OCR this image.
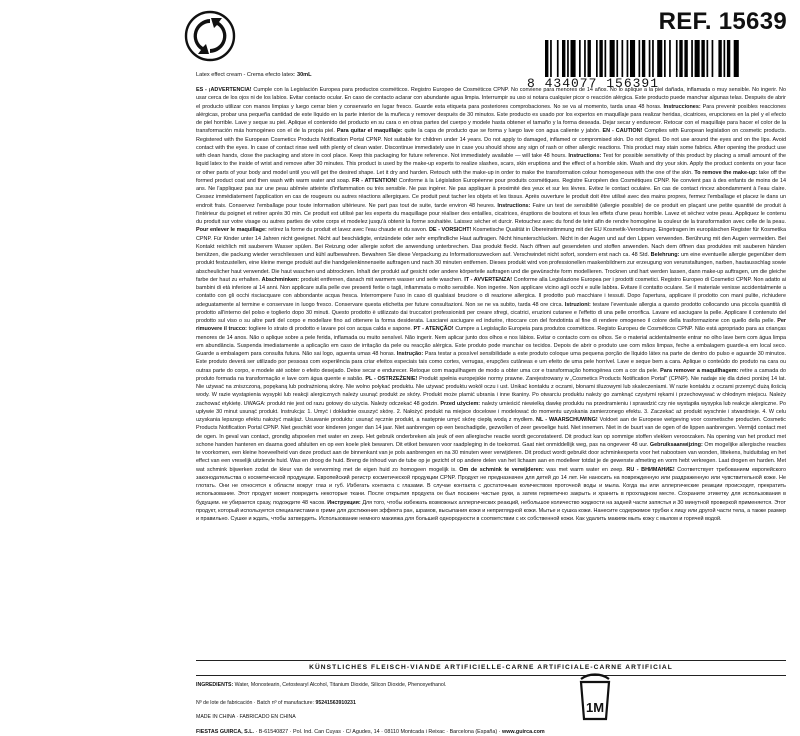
REF. 15639
8 434077 156391
Latex effect cream - Crema efecto latex: 30mL
ES - ¡ADVERTENCIA! Cumple con la Legislación Europea para productos cosméticos. Registro Europeo de Cosméticos CPNP. No conviene para menores de 14 años. No lo aplique a la piel dañada, inflamada o muy sensible. No ingerir. No usar cerca de los ojos ni de los labios. Evitar contacto ocular. En caso de contacto aclarar con abundante agua limpia. Interrumpir su uso si notara cualquier picor o reacción alérgica. Este producto puede manchar algunas telas. Después de abrir el producto utilizar con manos limpias y luego cerrar bien y conservarlo en lugar fresco. Guarde esta etiqueta para posteriores comprobaciones. No se va al momento, tarda unas 48 horas. Instrucciones: Para prevenir posibles reacciones alérgicas, probar una pequeña cantidad de este líquido en la parte interior de la muñeca y remover después de 30 minutos. Este producto es usado por los expertos en maquillaje para realizar heridas, cicatrices, erupciones en la piel y el efecto de piel horrible. Lave y seque su piel. Aplique el contenido del producto en su cara o en otras partes del cuerpo y modele hasta obtener el tamaño y la forma deseada. Dejar secar y endurecer. Retocar con el maquillaje para hacer el color de la transformación más homogéneo con el de la propia piel. Para quitar el maquillaje: quite la capa de producto que se forma y luego lave con agua caliente y jabón. EN - CAUTION! Complies with European legislation on cosmetic products. Registered with the European Cosmetics Products Notification Portal CPNP. Not suitable for children under 14 years. Do not apply to damaged, inflamed or compromised skin. Do not digest. Do not use around the eyes and on the lips. Avoid contact with the eyes. In case of contact rinse well with plenty of clean water. Discontinue immediately use in case you should show any sign of rash or other allergic reactions. This product may stain some fabrics. After opening the product use with clean hands, close the packaging and store in cool place. Keep this packaging for future reference. Not immediately available — will take 48 hours. Instructions: Test for possible sensitivity of this product by placing a small amount of the liquid latex to the inside of wrist and remove after 30 minutes. This product is used by the make-up experts to realize slashes, scars, skin eruptions and the effect of a horrible skin. Wash and dry your skin. Apply the product contents on your face or other parts of your body and model until you will get the desired shape. Let it dry and harden. Retouch with the make-up in order to make the transformation colour homogeneous with the one of the skin. To remove the make-up: take off the formed product coat and then wash with warm water and soap. FR - ATTENTION! Conforme à la Législation Européenne pour produits cosmétiques. Registre Européen des Cosmétiques CPNP. Ne convient pas à des enfants de moins de 14 ans. Ne l'appliquez pas sur une peau abîmée atteinte d'inflammation ou très sensible. Ne pas ingérer. Ne pas appliquer à proximité des yeux et sur les lèvres. Evitez le contact oculaire. En cas de contact rincez abondamment à l'eau claire. Cessez immédiatement l'application en cas de rougeurs ou autres réactions allergiques. Ce produit peut tacher les objets et les tissus. Après ouverture le produit doit être utilisé avec des mains propres, fermez l'emballage et placez le dans un endroit frais. Conservez l'emballage pour toute information ultérieure. Ne part pas tout de suite, tarde environ 48 heures. Instructions: Faire un test de sensibilité (allergie possible) de ce produit en plaçant une petite quantité de produit à l'intérieur du poignet et retirer après 30 min. Ce produit est utilisé par les experts du maquillage pour réaliser des entailles, cicatrices, éruptions de boutons et tous les effets d'une peau horrible. Lavez et séchez votre peau. Appliquez le contenu du produit sur votre visage ou autres parties de votre corps et modelez jusqu'à obtenir la forme souhaitée. Laissez sécher et durcir. Retouchez avec du fond de teint afin de rendre homogène la couleur de la transformation avec celle de la peau. Pour enlever le maquillage: retirez la forme du produit et lavez avec l'eau chaude et du savon. DE - VORSICHT! Kosmetische Qualität in Übereinstimmung mit der EU Kosmetik-Verordnung. Eingetragen im europäischen Register für Kosmetika CPNP. Für Kinder unter 14 Jahren nicht geeignet. Nicht auf beschädigte, entzündete oder sehr empfindliche Haut auftragen. Nicht hinunterschlucken. Nicht in der Augen und auf den Lippen verwenden. Berührung mit den Augen vermeiden. Bei Kontakt reichlich mit sauberem Wasser spülen. Bei Reizung oder allergie sofort die anwendung unterbrechen. Das produkt fleckt. Nach öffnen auf gesendeten und stoffen anwenden. Nach dem öffnen das produktes mit sauberen händen benützen, die packung wieder verschliessen und kühl aufbewahren. Bewahren Sie diese Verpackung zu Informationszwecken auf. Verschwindet nicht sofort, sondern erst nach ca. 48 Std. Belehrung: um eine eventuelle allergie gegenüber dem produkt festzustellen, eine kleine menge produkt auf die handgelenkinnenseite auftragen und nach 30 minuten entfernen. Dieses produkt wird von professionellen maskenbildnern zur erzeugung von verunstaltungen, narben, hautausschlag sowie abscheulicher haut verwendet. Die haut waschen und abtrocknen. Inhalt der produkt auf gesicht oder andere körperteile auftragen und die gewünschte form modellieren. Trocknen und hart werden lassen, dann make-up auftragen, um die gleiche farbe der haut zu erhalten. Abschminken: produkt entfernen, danach mit warmem wasser und seife waschen. IT - AVVERTENZA! Conforme alla Legislazione Europea per i prodotti cosmetici. Registro Europeo di Cosmetici CPNP. Non adatto ai bambini di età inferiore ai 14 anni. Non applicare sulla pelle ove presenti ferite o tagli, infiammata o molto sensibile. Non ingerire. Non applicare vicino agli occhi e sulle labbra. Evitare il contatto oculare. Se il materiale venisse accidentalmente a contatto con gli occhi risciacquare con abbondante acqua fresca. Interrompere l'uso in caso di qualsiasi bruciore o di reazione allergica. Il prodotto può macchiare i tessuti. Dopo l'apertura, applicare il prodotto con mani pulite, richiudere adeguatamente al termine e conservare in luogo fresco. Conservare questa etichetta per future consultazioni. Non se ne va subito, tarda 48 ore circa. Istruzioni: testare l'eventuale allergia a questo prodotto collocando una piccola quantità di prodotto all'interno del polso e toglierlo dopo 30 minuti. Questo prodotto è utilizzato dai truccatori professionisti per creare sfregi, cicatrici, eruzioni cutanee e l'effetto di una pelle orrorifica. Lavare ed asciugare la pelle. Applicare il contenuto del prodotto sul viso o su altre parti del corpo e modellare fino ad ottenere la forma desiderata. Lasciarei asciugare ed indurire, ritoccare con del fondotinta al fine di rendere omogeneo il colore della trasformazione con quello della pelle. Per rimuovere il trucco: togliere lo strato di prodotto e lavare poi con acqua calda e sapone. PT - ATENÇÃO! Cumpre a Legislação Europeia para produtos cosméticos. Registo Europeu de Cosméticos CPNP. Não está apropriado para as crianças menores de 14 anos. Não o aplique sobre a pele ferida, inflamada ou muito sensível. Não ingerir. Nem aplicar junto dos olhos e nos lábios. Evitar o contacto com os olhos. Se o material acidentalmente entrar no olho lave bem com água limpa em abundância. Suspenda imediatamente a aplicação em caso de irritação da pele ou reacção alérgica. Este produto pode manchar os tecidos. Depois de abrir o produto use com mãos limpas, feche a embalagem guarde-a em local seco. Guarde a embalagem para consulta futura. Não sai logo, aguenta umas 48 horas. Instrução: Para testar a possível sensibilidade a este produto coloque uma pequena porção de líquido látex na parte de dentro do pulso e aguarde 30 minutos. Este produto deverá ser utilizado por pessoas com experiência para criar efeitos especiais tais como cortes, verrugas, erupções cutâneas e um efeito de uma pele horrível. Lave e seque bem a cara. Aplique o conteúdo do produto na cara ou outras parte do corpo, e modele até sobter o efeito desejado. Deixe secar e endurecer. Retoque com maquilhagem de modo a obter uma cor e transformação homogénea com a cor da pele. Para remover a maquilhagem: retire a camada do produto formada na transformação e lave com água quente e sabão. PL - OSTRZEŻENIE! Produkt spełnia europejskie normy prawne. Zarejestrowany w „Cosmetics Products Notification Portal" (CPNP). Nie nadaje się dla dzieci poniżej 14 lat. Nie używać na zniszczoną, popękaną lub podrażnioną skórę. Nie wolno połykać produktu. Nie używać produktu wokół oczu i ust. Unikać kontaktu z oczami, błonami śluzowymi lub skaleczeniami. W razie kontaktu z oczami przemyć dużą ilością wody. W razie wystąpienia wysypki lub reakcji alergicznych należy usunąć produkt ze skóry. Produkt może plamić ubrania i inne tkaniny. Po otwarciu produktu należy go zamknąć czystymi rękami i przechowywać w chłodnym miejscu. Należy zachować etykietę. UWAGA: produkt nie jest od razu gotowy do użycia. Należy odczekać 48 godzin. Przed użyciem: należy umieścić niewielką dawkę produktu na przedramieniu i sprawdzić czy nie wystąpiła wysypka lub reakcje alergiczne. Po upływie 30 minut usunąć produkt. Instrukcja: 1. Umyć i dokładnie osuszyć skórę. 2. Nałożyć produkt na miejsce docelowe i modelować do momentu uzyskania zamierzonego efektu. 3. Zaczekać aż produkt wyschnie i stwardnieje. 4. W celu uzyskania lepszego efektu nałożyć makijaż. Usuwanie produktu: usunąć ręcznie produkt, a następnie umyć skórę ciepłą wodą z mydłem. NL - WAARSCHUWING! Voldoet aan de Europese wetgeving voor cosmetische producten. Cosmetic Products Notification Portal CPNP. Niet geschikt voor kinderen jonger dan 14 jaar. Niet aanbrengen op een beschadigde, gezwollen of zeer gevoelige huid. Niet innemen. Niet in de buurt van de ogen of de lippen aanbrengen. Vermijd contact met de ogen. In geval van contact, grondig afspoelen met water en zeep. Het gebruik onderbreken als jeuk of een allergische reactie wordt geconstateerd. Dit product kan op sommige stoffen vlekken veroorzaken. Na opening van het product met schone handen hanteren en daarna goed afsluiten en op een koele plek bewaren. Dit etiket bewaren voor raadpleging in de toekomst. Gaat niet onmiddellijk weg, pas na ongeveer 48 uur. Gebruiksaanwijzing: Om mogelijke allergische reacties te voorkomen, een kleine hoeveelheid van deze product aan de binnenkant van je pols aanbrengen en na 30 minuten weer verwijderen. Dit product wordt gebruikt door schminkexperts voor het nabootsen van wonden, littekens, huiduitslag en het effect van een vreselijk uitziende huid. Was en droog de huid. Breng de inhoud van de tube op je gezicht of op andere delen van het lichaam aan en modelleer totdat je de gewenste afmeting en vorm hebt verkregen. Laat drogen en harden. Met wat schmink bijwerken zodat de kleur van de vervorming met de eigen huid zo homogeen mogelijk is. Om de schmink te verwijderen: was met warm water en zeep. RU - ВНИМАНИЕ! Соответствует требованиям европейского законодательства о косметической продукции. Европейский регистр косметической продукции CPNP. Продукт не предназначен для детей до 14 лет. Не наносить на поврежденную или раздраженную или чувствительной коже. Не глотать. Они не относятся к области вокруг глаз и губ. Избегать контакта с глазами. В случае контакта с достаточным количеством проточной воды и мыла. Когда вы или аллергические реакции происходят, прекратить использование. Этот продукт может повредить некоторые ткани. После открытия продукта он был посажен чистые руки, а затем герметично закрыть и хранить в прохладном месте. Сохраните этикетку для использования в будущем. не убирается сразу, подождите 48 часов. Инструкция: Для того, чтобы избежать возможных аллергических реакций, небольшое количество жидкости на задней части запястья и 30 минутной проверкой применяется. Этот продукт, который используется специалистами в гриме для достижения эффекта ран, шрамов, высыпания кожи и неприглядной кожи. Мытье и сушка кожи. Нанесите содержимое трубки к лицу или другой части тела, а также размер и правильно. Сушке и ждать, чтобы затвердеть. Использование немного макияжа для большей однородности в соответствии с их собственной кожи. Как удалить макияж мыть кожу с мылом и горячей водой.
KÜNSTLICHES FLEISCH-VIANDE ARTIFICIELLE-CARNE ARTIFICIALE-CARNE ARTIFICIAL
INGREDIENTS: Water, Monostearin, Cetostearyl Alcohol, Titanium Dioxide, Silicon Dioxide, Phenoxyethanol.
Nº de lote de fabricación · Batch nº of manufacture: 95241563910231
MADE IN CHINA · FABRICADO EN CHINA
FIESTAS GUIRCA, S.L. · B-61540827 · Pol. Ind. Can Cuyas · C/ Agudes, 14 · 08110 Montcada i Reixac · Barcelona (España) · www.guirca.com
1M
